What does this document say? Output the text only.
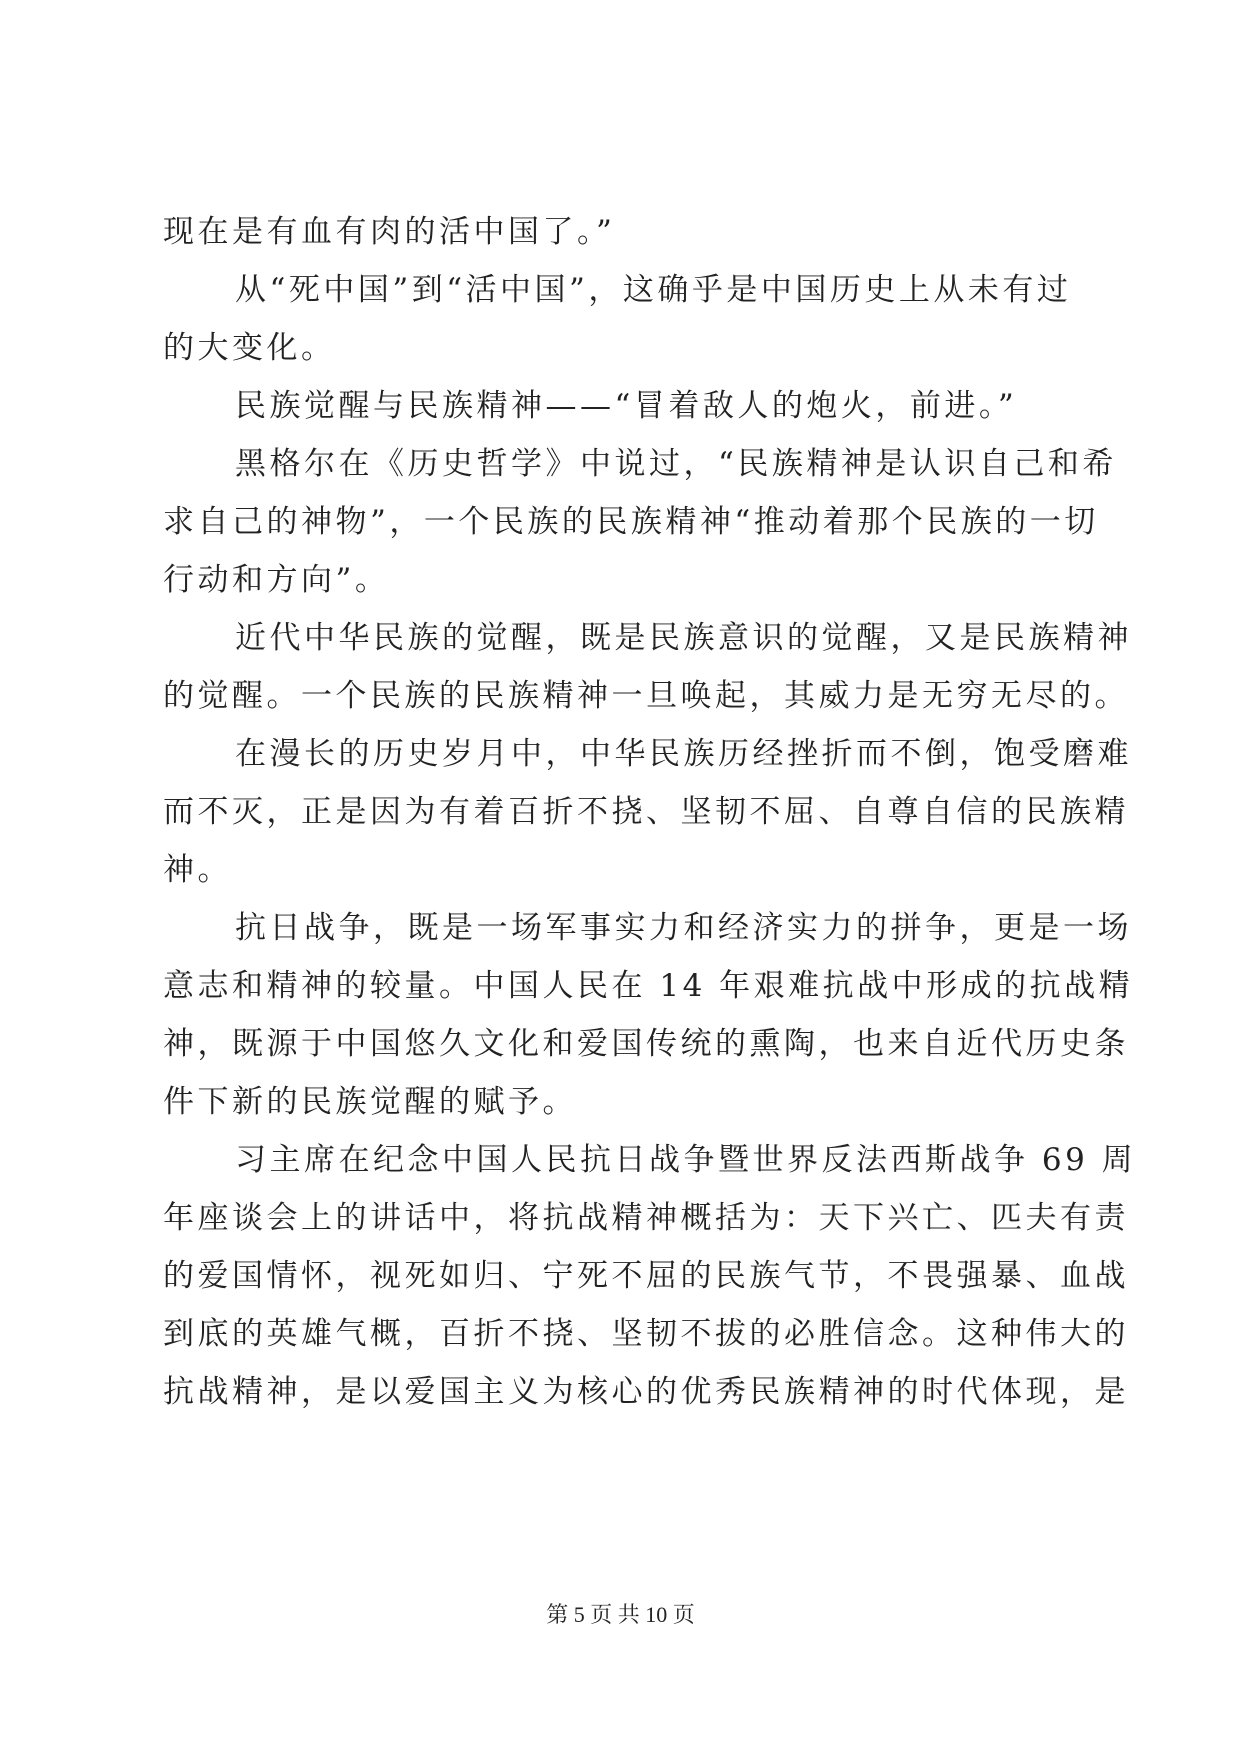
现在是有血有肉的活中国了。”
从“死中国”到“活中国”，这确乎是中国历史上从未有过
的大变化。
民族觉醒与民族精神——“冒着敌人的炮火，前进。”
黑格尔在《历史哲学》中说过，“民族精神是认识自己和希
求自己的神物”，一个民族的民族精神“推动着那个民族的一切
行动和方向”。
近代中华民族的觉醒，既是民族意识的觉醒，又是民族精神
的觉醒。一个民族的民族精神一旦唤起，其威力是无穷无尽的。
在漫长的历史岁月中，中华民族历经挫折而不倒，饱受磨难
而不灭，正是因为有着百折不挠、坚韧不屈、自尊自信的民族精
神。
抗日战争，既是一场军事实力和经济实力的拼争，更是一场
意志和精神的较量。中国人民在 14 年艰难抗战中形成的抗战精
神，既源于中国悠久文化和爱国传统的熏陶，也来自近代历史条
件下新的民族觉醒的赋予。
习主席在纪念中国人民抗日战争暨世界反法西斯战争 69 周
年座谈会上的讲话中，将抗战精神概括为：天下兴亡、匹夫有责
的爱国情怀，视死如归、宁死不屈的民族气节，不畏强暴、血战
到底的英雄气概，百折不挠、坚韧不拔的必胜信念。这种伟大的
抗战精神，是以爱国主义为核心的优秀民族精神的时代体现，是
第 5 页 共 10 页
